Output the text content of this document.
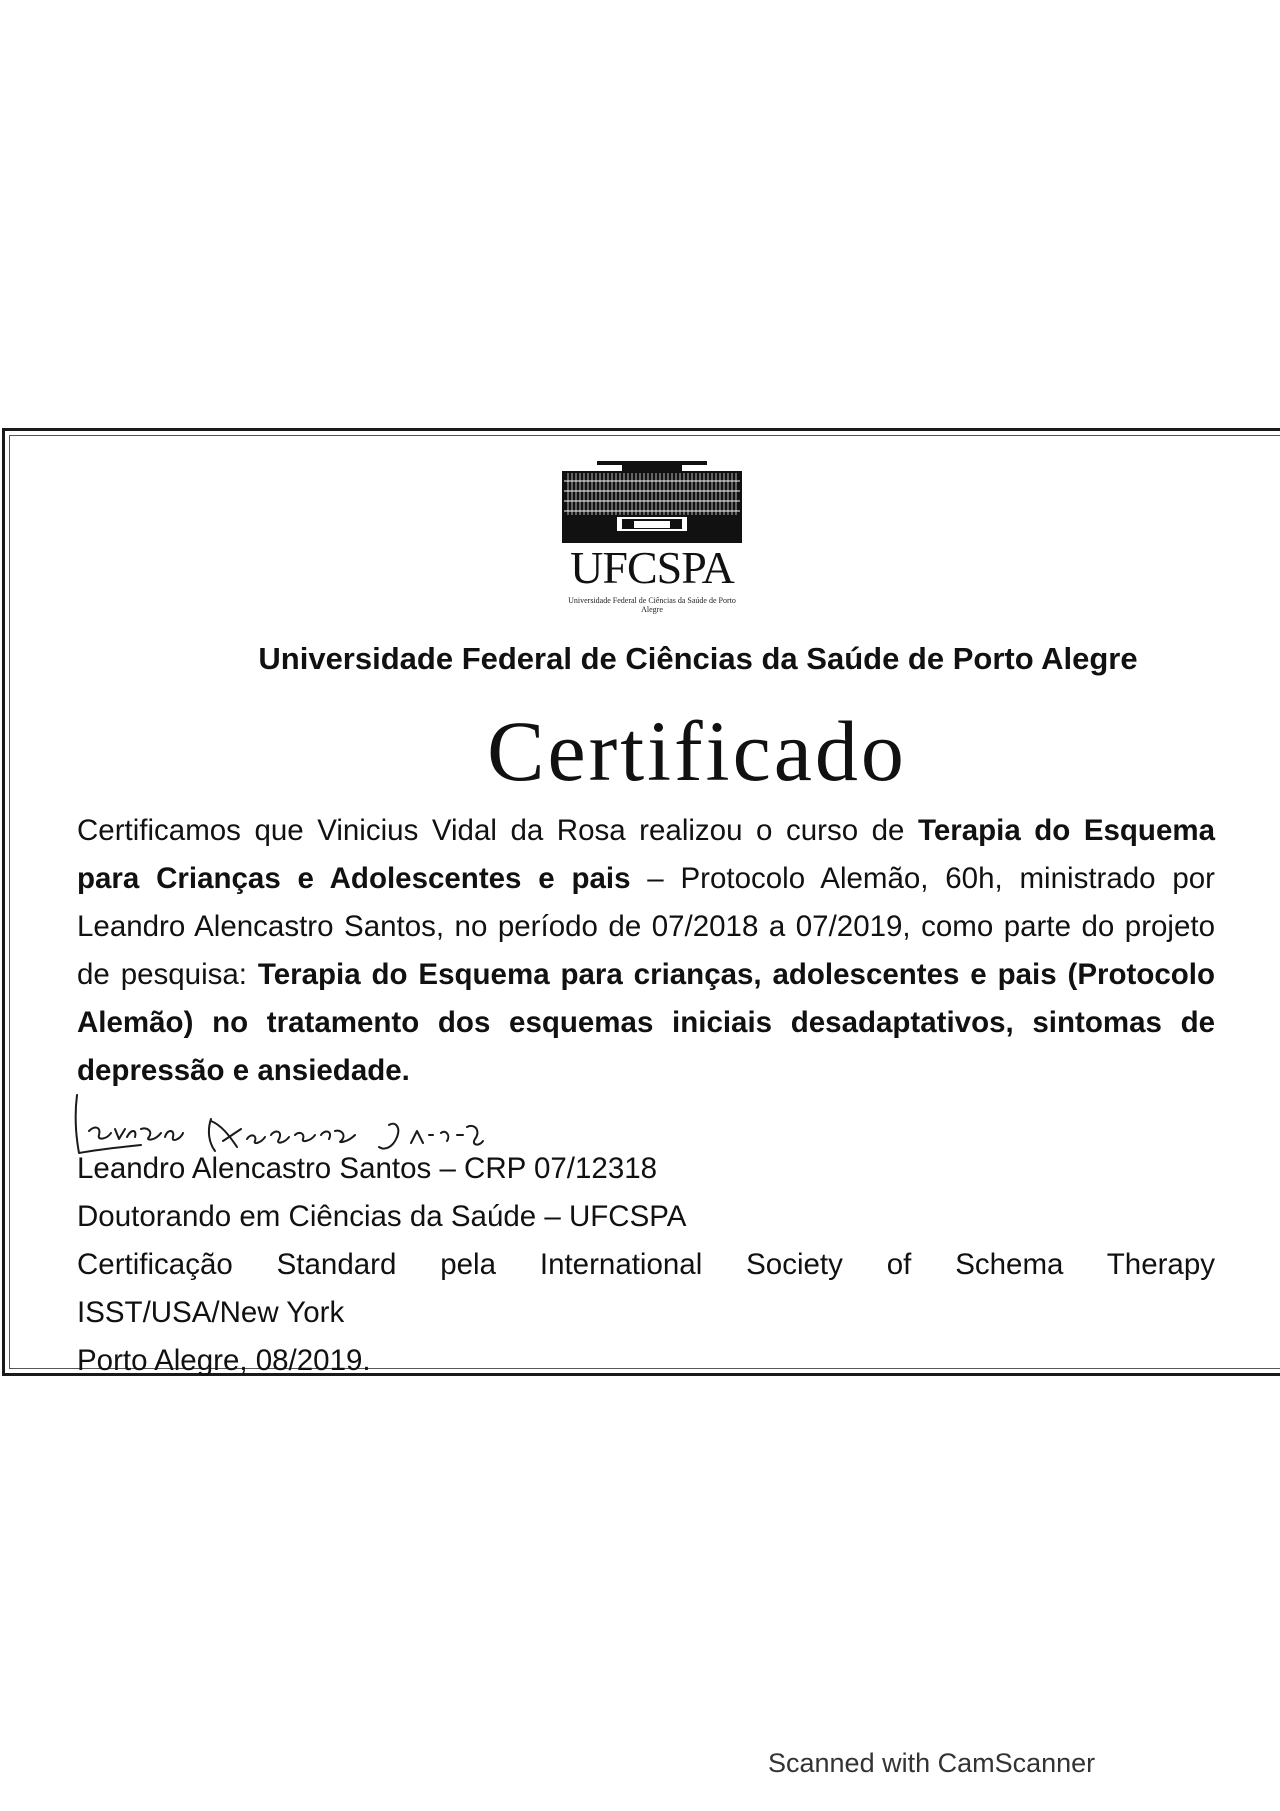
UFCSPA
Universidade Federal de Ciências da Saúde de Porto Alegre
Universidade Federal de Ciências da Saúde de Porto Alegre
Certificado
Certificamos que Vinicius Vidal da Rosa realizou o curso de Terapia do Esquema para Crianças e Adolescentes e pais – Protocolo Alemão, 60h, ministrado por Leandro Alencastro Santos, no período de 07/2018 a 07/2019, como parte do projeto de pesquisa: Terapia do Esquema para crianças, adolescentes e pais (Protocolo Alemão) no tratamento dos esquemas iniciais desadaptativos, sintomas de depressão e ansiedade.
Leandro Alencastro Santos – CRP 07/12318
Doutorando em Ciências da Saúde – UFCSPA
Certificação Standard pela International Society of Schema Therapy
ISST/USA/New York
Porto Alegre, 08/2019.
Scanned with CamScanner
